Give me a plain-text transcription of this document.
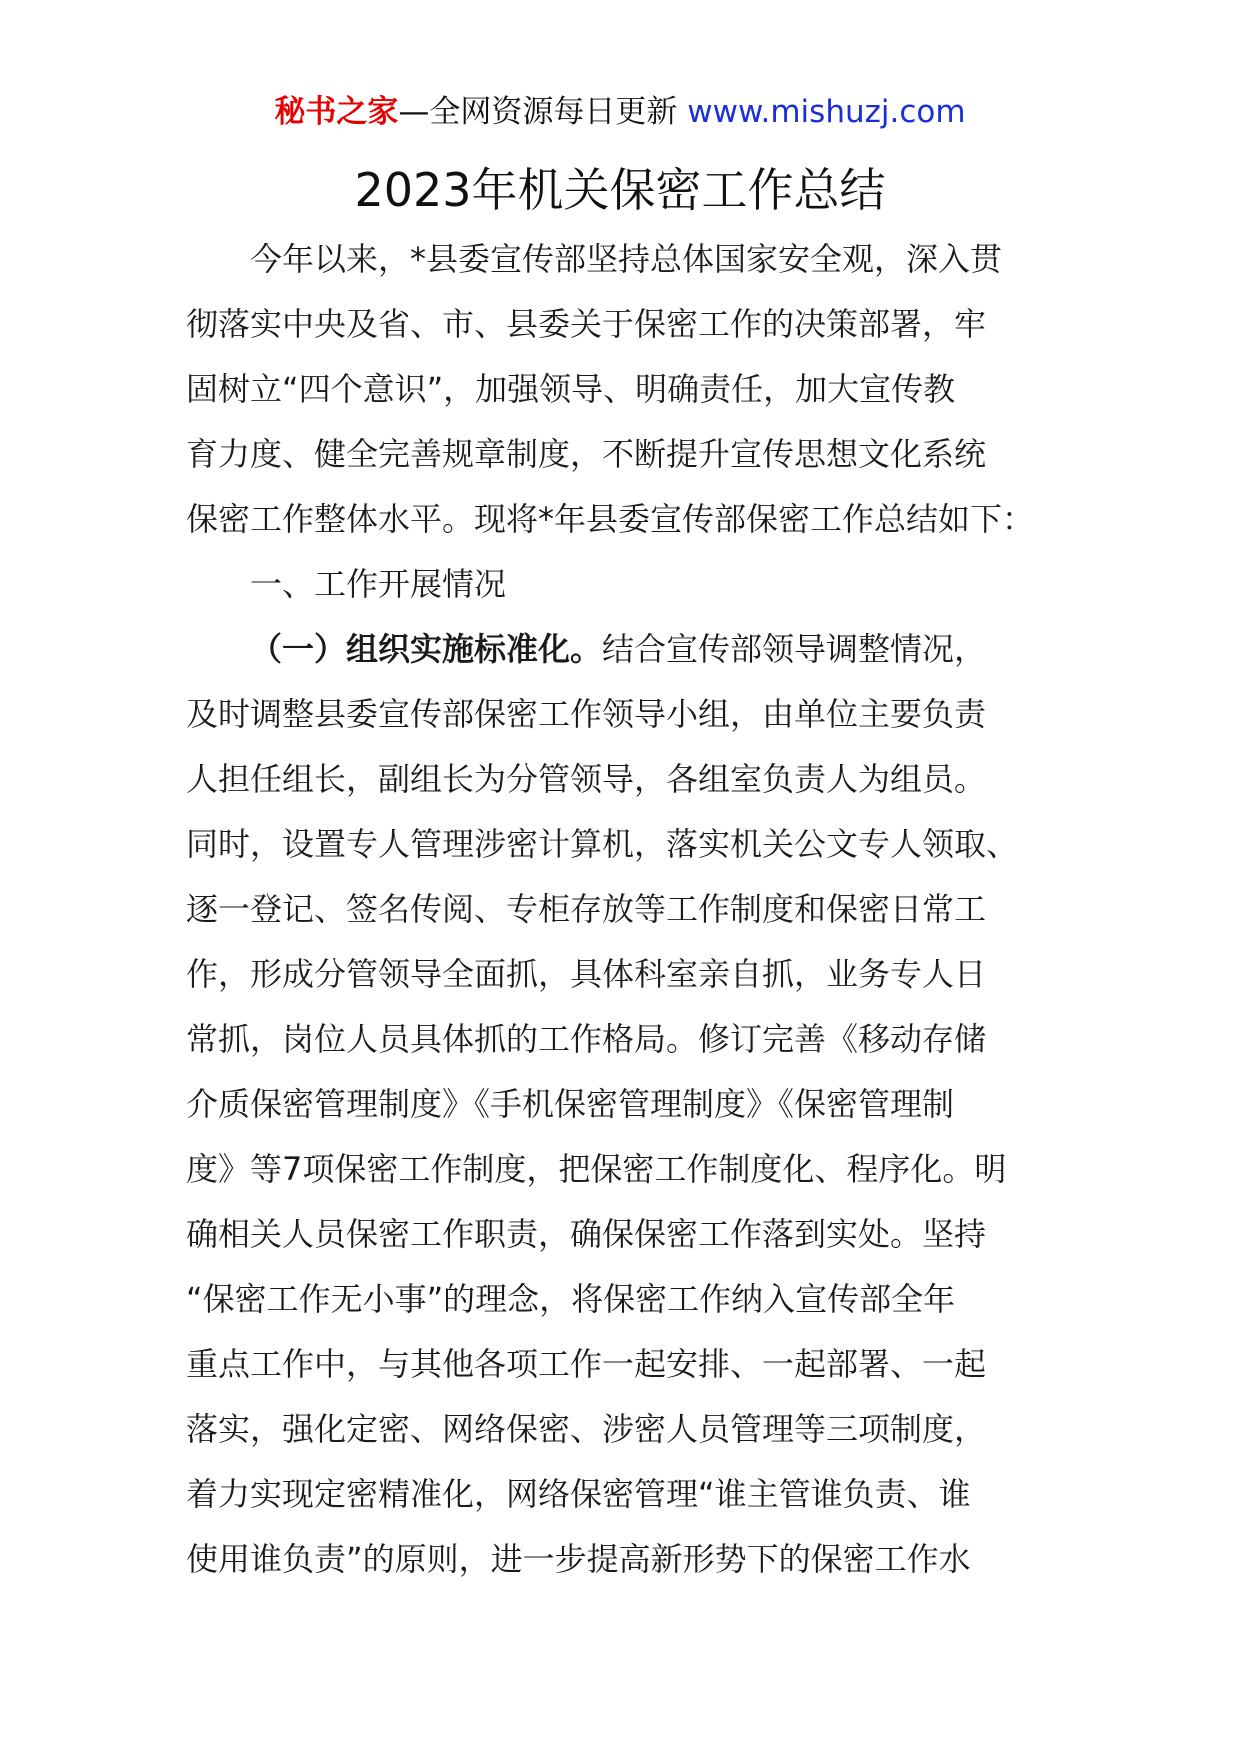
秘书之家—全网资源每日更新 www.mishuzj.com
2023年机关保密工作总结
今年以来，*县委宣传部坚持总体国家安全观，深入贯
彻落实中央及省、市、县委关于保密工作的决策部署，牢
固树立“四个意识”，加强领导、明确责任，加大宣传教
育力度、健全完善规章制度，不断提升宣传思想文化系统
保密工作整体水平。现将*年县委宣传部保密工作总结如下：
一、工作开展情况
（一）组织实施标准化。结合宣传部领导调整情况，
及时调整县委宣传部保密工作领导小组，由单位主要负责
人担任组长，副组长为分管领导，各组室负责人为组员。
同时，设置专人管理涉密计算机，落实机关公文专人领取、
逐一登记、签名传阅、专柜存放等工作制度和保密日常工
作，形成分管领导全面抓，具体科室亲自抓，业务专人日
常抓，岗位人员具体抓的工作格局。修订完善《移动存储
介质保密管理制度》《手机保密管理制度》《保密管理制
度》等7项保密工作制度，把保密工作制度化、程序化。明
确相关人员保密工作职责，确保保密工作落到实处。坚持
“保密工作无小事”的理念，将保密工作纳入宣传部全年
重点工作中，与其他各项工作一起安排、一起部署、一起
落实，强化定密、网络保密、涉密人员管理等三项制度，
着力实现定密精准化，网络保密管理“谁主管谁负责、谁
使用谁负责”的原则，进一步提高新形势下的保密工作水
